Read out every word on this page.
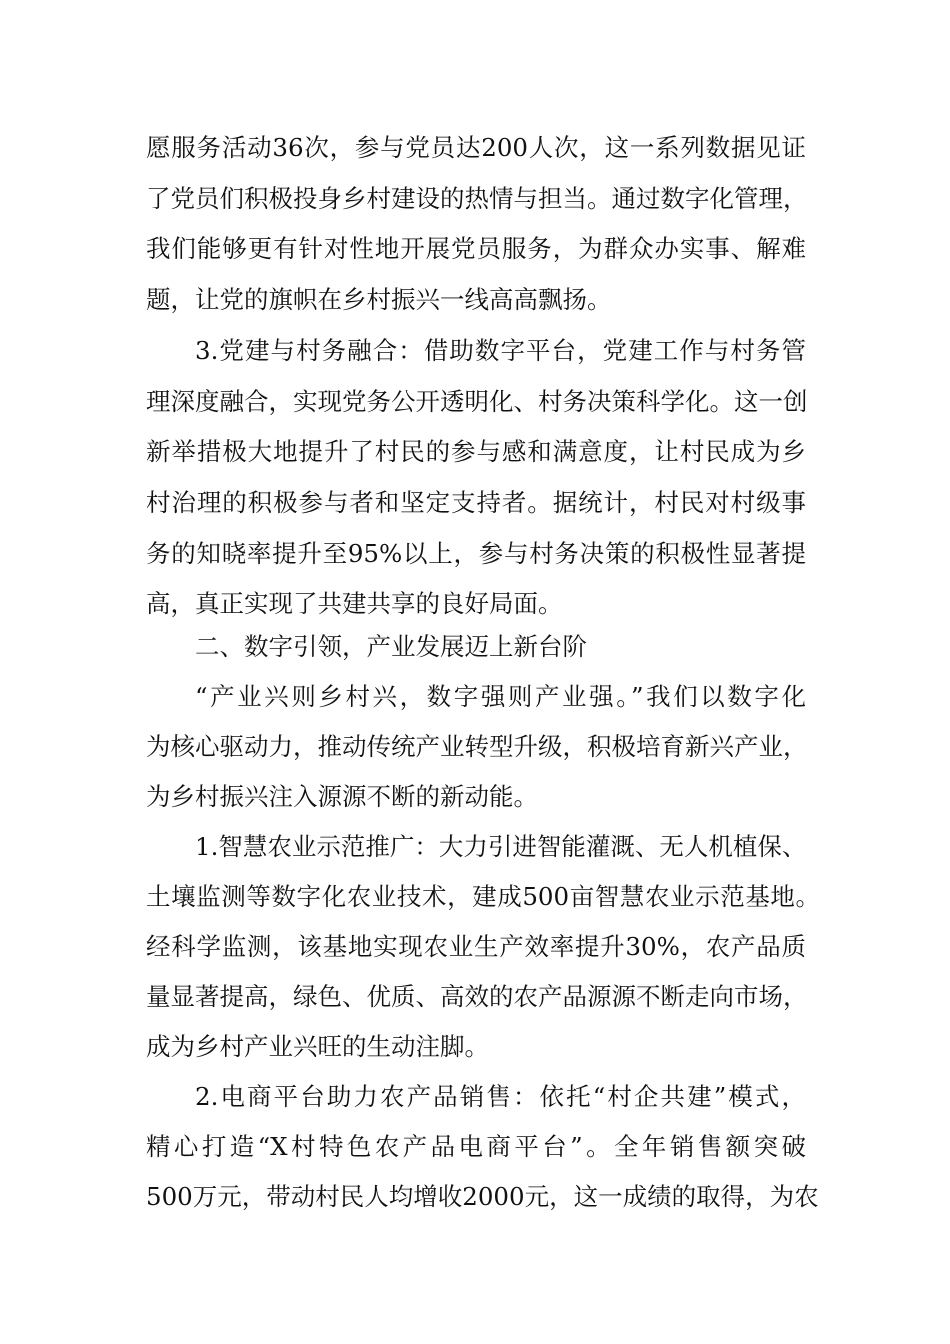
愿服务活动36次，参与党员达200人次，这一系列数据见证
了党员们积极投身乡村建设的热情与担当。通过数字化管理，
我们能够更有针对性地开展党员服务，为群众办实事、解难
题，让党的旗帜在乡村振兴一线高高飘扬。
3.党建与村务融合：借助数字平台，党建工作与村务管
理深度融合，实现党务公开透明化、村务决策科学化。这一创
新举措极大地提升了村民的参与感和满意度，让村民成为乡
村治理的积极参与者和坚定支持者。据统计，村民对村级事
务的知晓率提升至95%以上，参与村务决策的积极性显著提
高，真正实现了共建共享的良好局面。
二、数字引领，产业发展迈上新台阶
“产业兴则乡村兴，数字强则产业强。”我们以数字化
为核心驱动力，推动传统产业转型升级，积极培育新兴产业，
为乡村振兴注入源源不断的新动能。
1.智慧农业示范推广：大力引进智能灌溉、无人机植保、
土壤监测等数字化农业技术，建成500亩智慧农业示范基地。
经科学监测，该基地实现农业生产效率提升30%，农产品质
量显著提高，绿色、优质、高效的农产品源源不断走向市场，
成为乡村产业兴旺的生动注脚。
2.电商平台助力农产品销售：依托“村企共建”模式，
精心打造“X村特色农产品电商平台”。全年销售额突破
500万元，带动村民人均增收2000元，这一成绩的取得，为农
